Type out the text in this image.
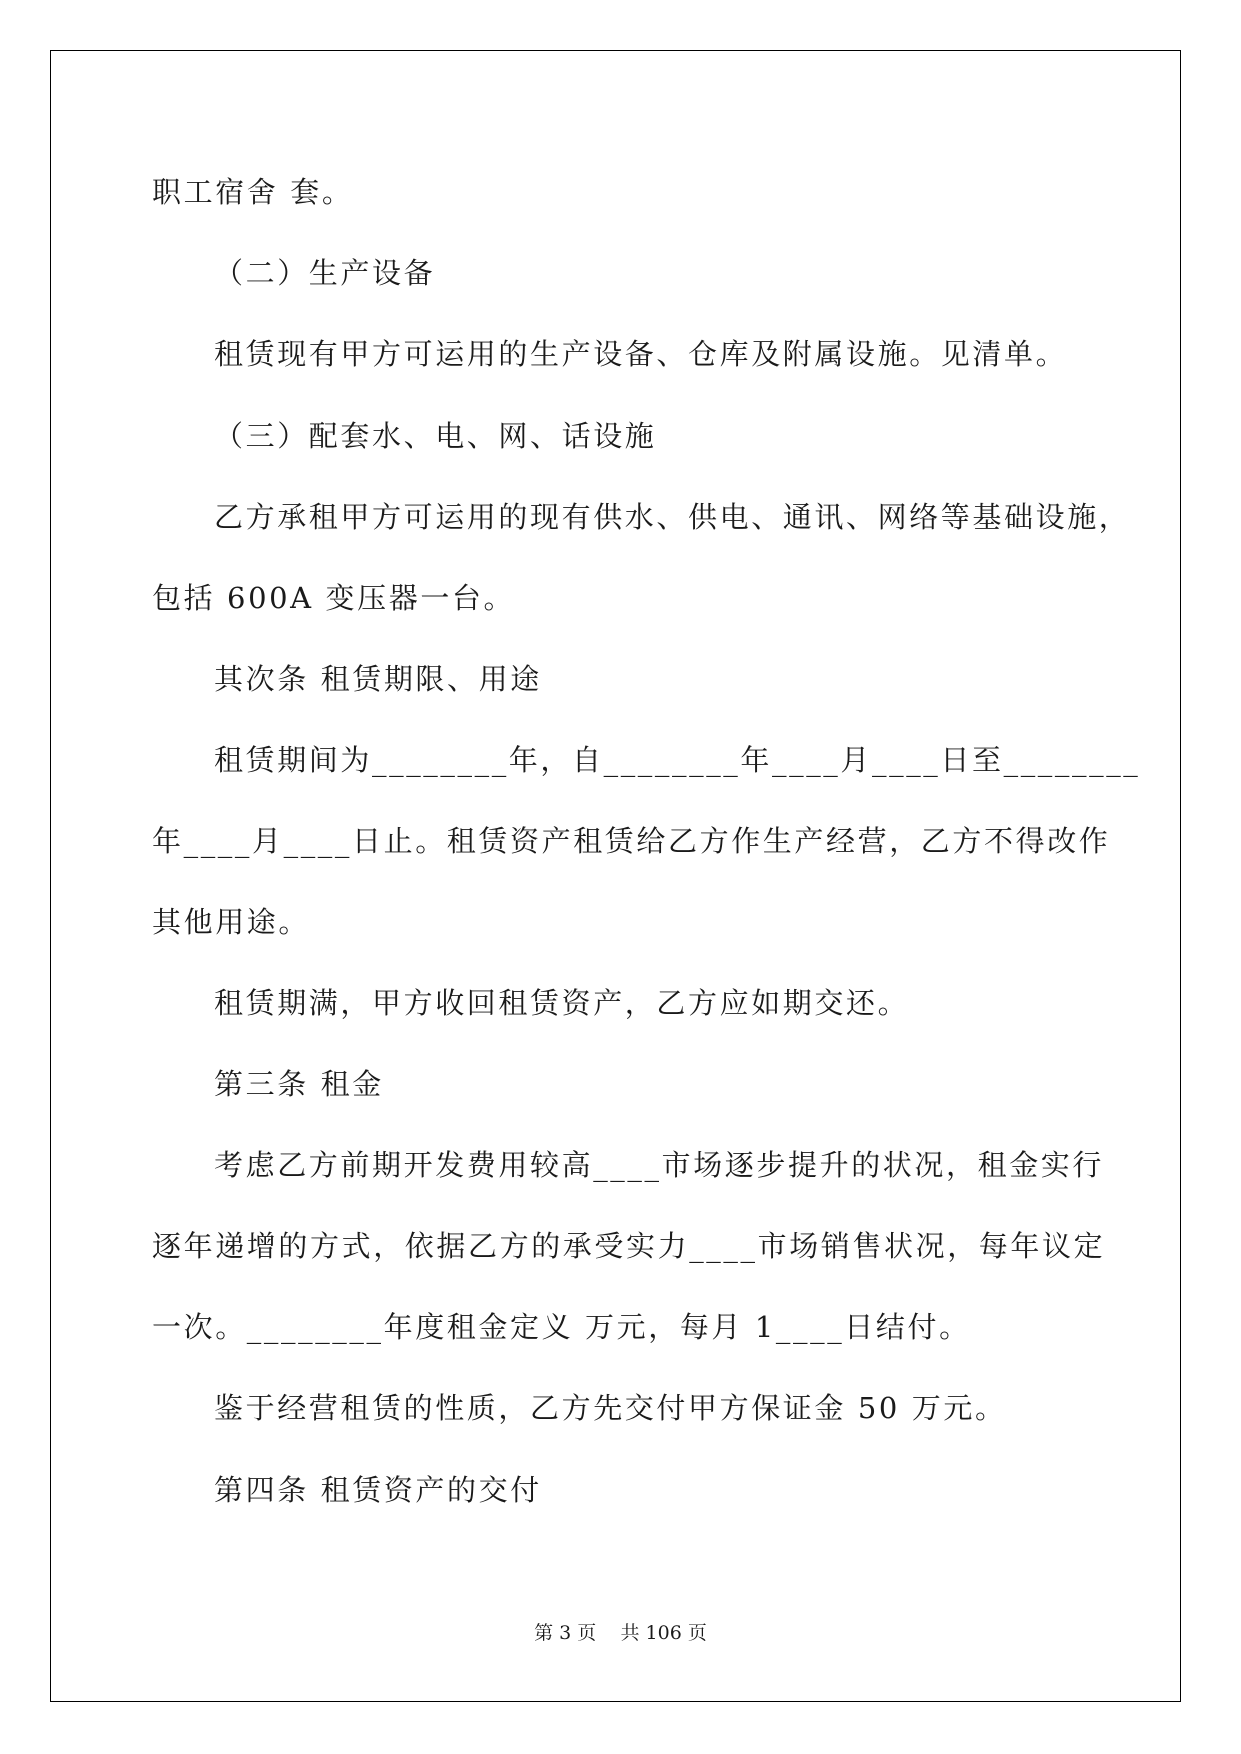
职工宿舍 套。

（二）生产设备

租赁现有甲方可运用的生产设备、仓库及附属设施。见清单。

（三）配套水、电、网、话设施

乙方承租甲方可运用的现有供水、供电、通讯、网络等基础设施，

包括 600A 变压器一台。

其次条 租赁期限、用途

租赁期间为________年，自________年____月____日至________

年____月____日止。租赁资产租赁给乙方作生产经营，乙方不得改作

其他用途。

租赁期满，甲方收回租赁资产，乙方应如期交还。

第三条 租金

考虑乙方前期开发费用较高____市场逐步提升的状况，租金实行

逐年递增的方式，依据乙方的承受实力____市场销售状况，每年议定

一次。________年度租金定义 万元，每月 1____日结付。

鉴于经营租赁的性质，乙方先交付甲方保证金 50 万元。

第四条 租赁资产的交付

第 3 页 共 106 页
